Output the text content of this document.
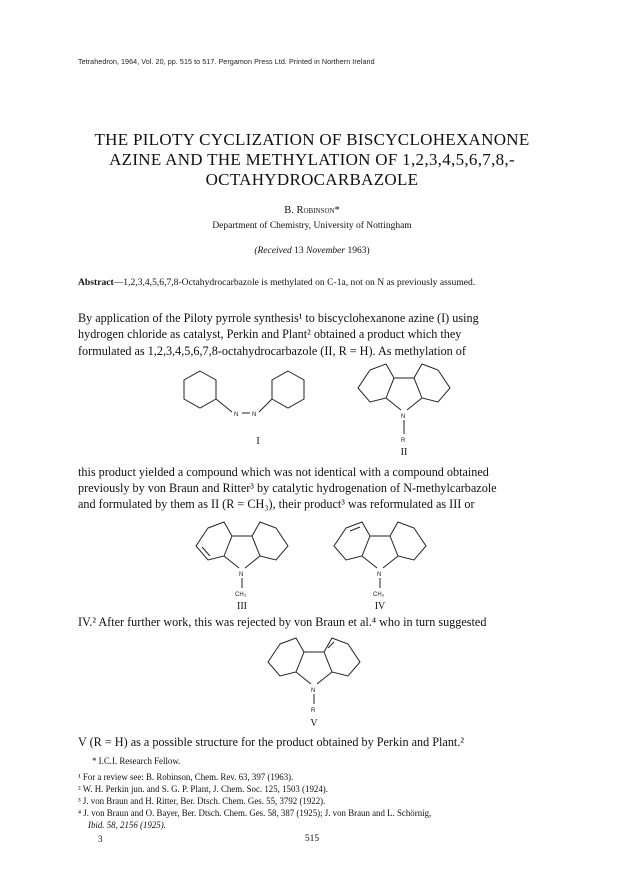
Tetrahedron, 1964, Vol. 20, pp. 515 to 517. Pergamon Press Ltd. Printed in Northern Ireland
THE PILOTY CYCLIZATION OF BISCYCLOHEXANONE
AZINE AND THE METHYLATION OF 1,2,3,4,5,6,7,8,-
OCTAHYDROCARBAZOLE
B. Robinson*
Department of Chemistry, University of Nottingham
(Received 13 November 1963)
Abstract—1,2,3,4,5,6,7,8-Octahydrocarbazole is methylated on C-1a, not on N as previously assumed.
By application of the Piloty pyrrole synthesis¹ to biscyclohexanone azine (I) using
hydrogen chloride as catalyst, Perkin and Plant² obtained a product which they
formulated as 1,2,3,4,5,6,7,8-octahydrocarbazole (II, R = H). As methylation of
N N
I
N
R
II
this product yielded a compound which was not identical with a compound obtained
previously by von Braun and Ritter³ by catalytic hydrogenation of N-methylcarbazole
and formulated by them as II (R = CH₃), their product³ was reformulated as III or
N
CH₃
III
N
CH₃
IV
IV.² After further work, this was rejected by von Braun et al.⁴ who in turn suggested
N
R
V
V (R = H) as a possible structure for the product obtained by Perkin and Plant.²
* I.C.I. Research Fellow.
¹ For a review see: B. Robinson, Chem. Rev. 63, 397 (1963).
² W. H. Perkin jun. and S. G. P. Plant, J. Chem. Soc. 125, 1503 (1924).
³ J. von Braun and H. Ritter, Ber. Dtsch. Chem. Ges. 55, 3792 (1922).
⁴ J. von Braun and O. Bayer, Ber. Dtsch. Chem. Ges. 58, 387 (1925); J. von Braun and L. Schörnig,
Ibid. 58, 2156 (1925).
3	515
